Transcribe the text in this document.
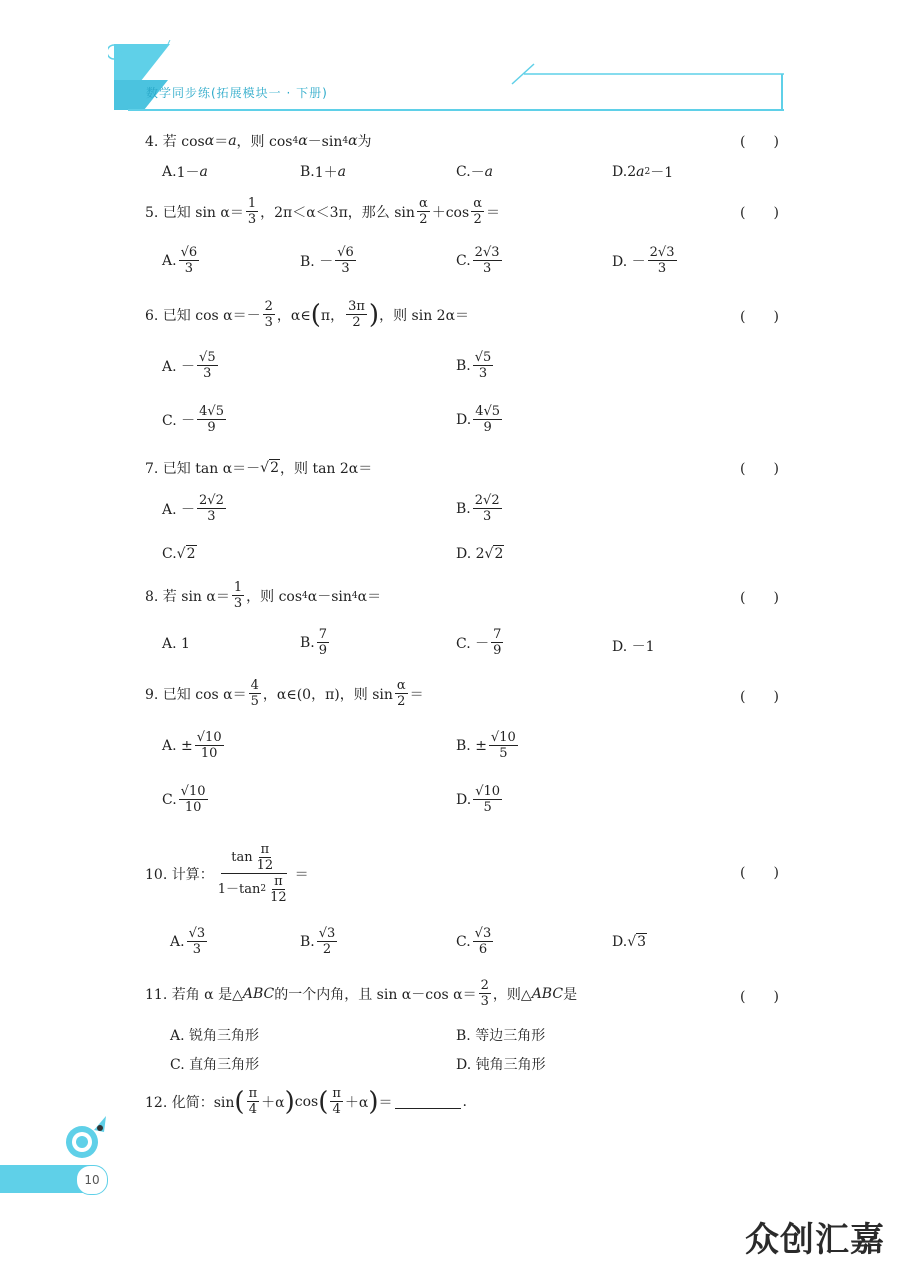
数学同步练(拓展模块一 · 下册)
4. 若 cos α ＝ a ，则 cos 4 α －sin 4 α 为	(　　)
A. 1－ a	B. 1＋ a	C. － a	D. 2 a 2 －1
5. 已知 $\sin \alpha= \frac{1}{3}$ ，2π＜α＜3π，那么 $\sin \frac{\alpha}{2} +\cos \frac{\alpha}{2}$ ＝	(　　)
A. $\frac{√6}{3}$	B. － $\frac{√6}{3}$	C. $\frac{2√3}{3}$	D. － $\frac{2√3}{3}$
6. 已知 $\cos \alpha=- \frac{2}{3}$ ，α∈ ( π， $\frac{3\pi}{2}$ ) ，则 sin 2α＝	(　　)
A. － $\frac{√5}{3}$	B. $\frac{√5}{3}$
C. － $\frac{4√5}{9}$	D. $\frac{4√5}{9}$
7. 已知 tan α＝－ √2 ，则 tan 2α＝	(　　)
A. － $\frac{2√2}{3}$	B. $\frac{2√2}{3}$
C. √2	D. 2 √2
8. 若 $\sin \alpha= \frac{1}{3}$ ，则 cos 4 α－sin 4 α＝	(　　)
A. 1	B. $\frac{7}{9}$	C. － $\frac{7}{9}$	D. －1
9. 已知 $\cos \alpha= \frac{4}{5}$ ，α∈(0，π)，则 $\sin \frac{\alpha}{2}$ ＝	(　　)
A. ± $\frac{√10}{10}$	B. ± $\frac{√10}{5}$
C. $\frac{√10}{10}$	D. $\frac{√10}{5}$
10. 计算： $\frac{\tan \frac{\pi}{12}}{1-\tan 2 \frac{\pi}{12}}$ ＝	(　　)
A. $\frac{√3}{3}$	B. $\frac{√3}{2}$	C. $\frac{√3}{6}$	D. √3
11. 若角 α 是△ ABC 的一个内角，且 sin α－cos $\alpha= \frac{2}{3}$ ，则△ ABC 是	(　　)
A. 锐角三角形	B. 等边三角形
C. 直角三角形	D. 钝角三角形
12. 化简：sin ( $\frac{\pi}{4} +\alpha$ ) cos ( $\frac{\pi}{4} +\alpha$ ) ＝	.
10
众创汇嘉
